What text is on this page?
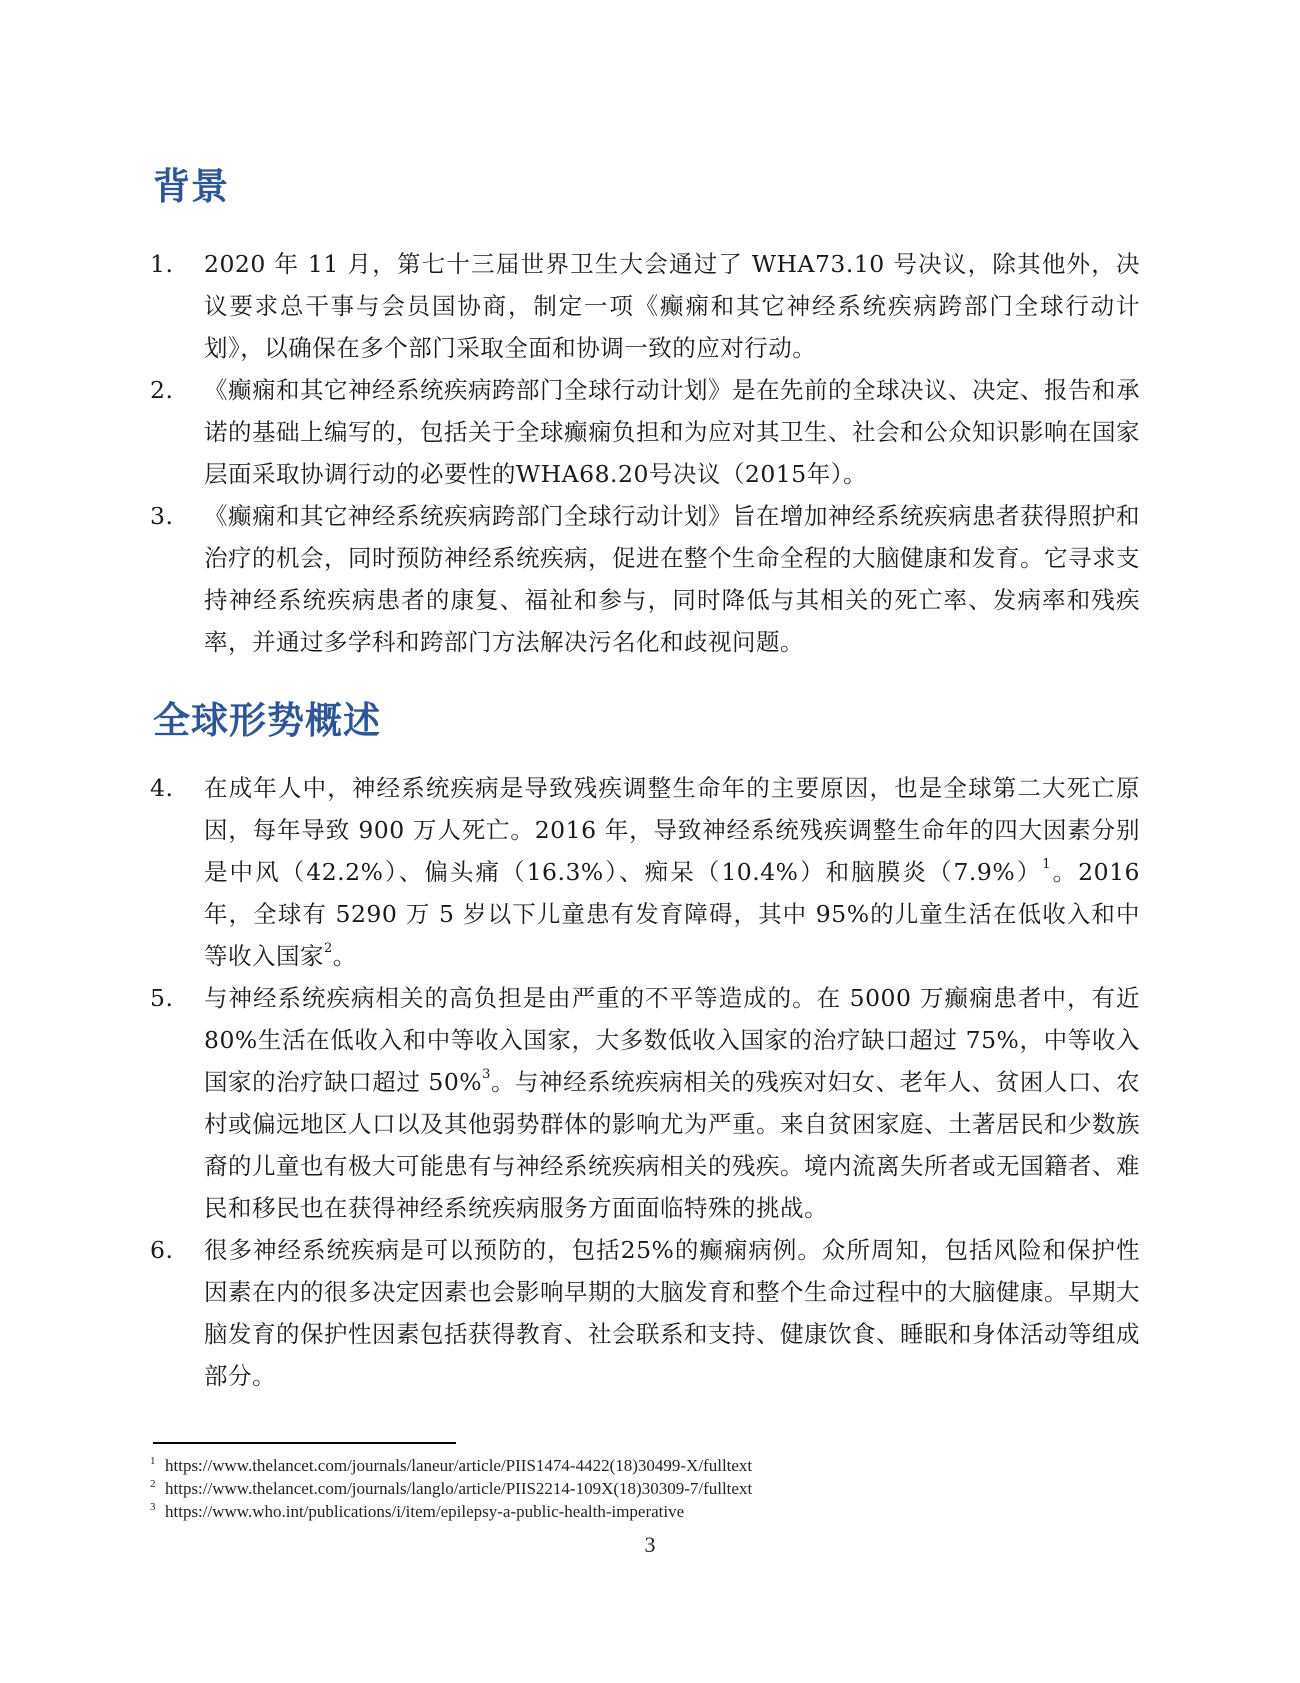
背景
1.	2020 年 11 月，第七十三届世界卫生大会通过了 WHA73.10 号决议，除其他外，决议要求总干事与会员国协商，制定一项《癫痫和其它神经系统疾病跨部门全球行动计划》，以确保在多个部门采取全面和协调一致的应对行动。
2.	《癫痫和其它神经系统疾病跨部门全球行动计划》是在先前的全球决议、决定、报告和承诺的基础上编写的，包括关于全球癫痫负担和为应对其卫生、社会和公众知识影响在国家层面采取协调行动的必要性的WHA68.20号决议（2015年）。
3.	《癫痫和其它神经系统疾病跨部门全球行动计划》旨在增加神经系统疾病患者获得照护和治疗的机会，同时预防神经系统疾病，促进在整个生命全程的大脑健康和发育。它寻求支持神经系统疾病患者的康复、福祉和参与，同时降低与其相关的死亡率、发病率和残疾率，并通过多学科和跨部门方法解决污名化和歧视问题。
全球形势概述
4.	在成年人中，神经系统疾病是导致残疾调整生命年的主要原因，也是全球第二大死亡原因，每年导致 900 万人死亡。2016 年，导致神经系统残疾调整生命年的四大因素分别是中风（42.2%）、偏头痛（16.3%）、痴呆（10.4%）和脑膜炎$(7.9\%)^1$。2016 年，全球有 5290 万 5 岁以下儿童患有发育障碍，其中 95%的儿童生活在低收入和中等收入国家$^2$。
5.	与神经系统疾病相关的高负担是由严重的不平等造成的。在 5000 万癫痫患者中，有近 80%生活在低收入和中等收入国家，大多数低收入国家的治疗缺口超过 75%，中等收入国家的治疗缺口超过 50%$^3$。与神经系统疾病相关的残疾对妇女、老年人、贫困人口、农村或偏远地区人口以及其他弱势群体的影响尤为严重。来自贫困家庭、土著居民和少数族裔的儿童也有极大可能患有与神经系统疾病相关的残疾。境内流离失所者或无国籍者、难民和移民也在获得神经系统疾病服务方面面临特殊的挑战。
6.	很多神经系统疾病是可以预防的，包括25%的癫痫病例。众所周知，包括风险和保护性因素在内的很多决定因素也会影响早期的大脑发育和整个生命过程中的大脑健康。早期大脑发育的保护性因素包括获得教育、社会联系和支持、健康饮食、睡眠和身体活动等组成部分。
1 https://www.thelancet.com/journals/laneur/article/PIIS1474-4422(18)30499-X/fulltext
2 https://www.thelancet.com/journals/langlo/article/PIIS2214-109X(18)30309-7/fulltext
3 https://www.who.int/publications/i/item/epilepsy-a-public-health-imperative
3
